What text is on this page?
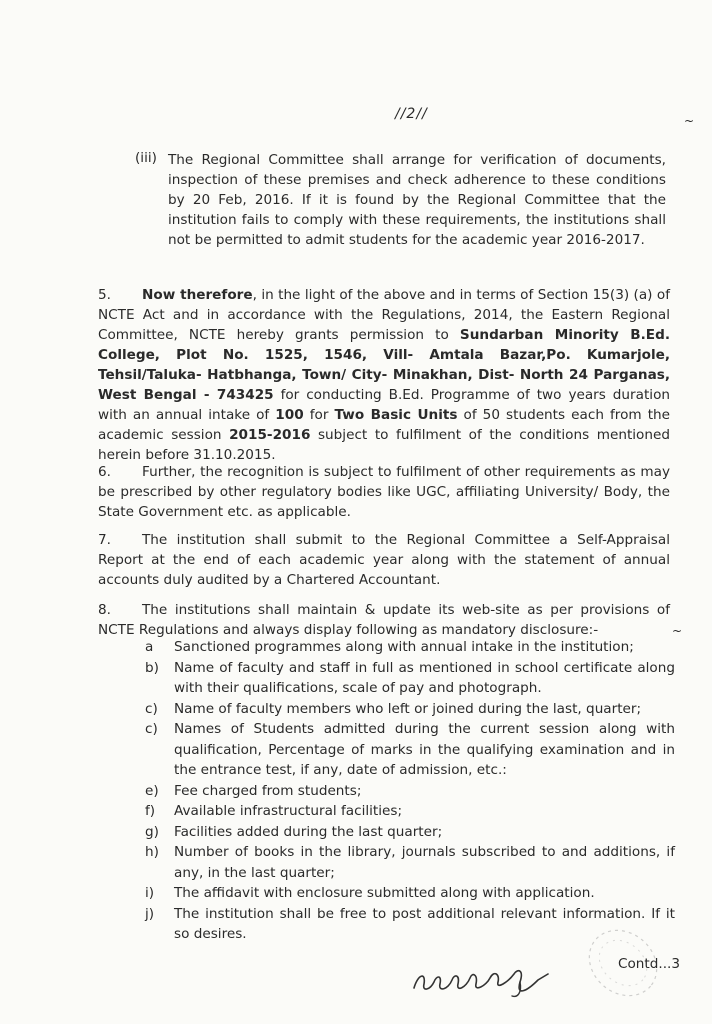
//2//	~
(iii) The Regional Committee shall arrange for verification of documents, inspection of these premises and check adherence to these conditions by 20 Feb, 2016. If it is found by the Regional Committee that the institution fails to comply with these requirements, the institutions shall not be permitted to admit students for the academic year 2016-2017.
5. Now therefore, in the light of the above and in terms of Section 15(3) (a) of NCTE Act and in accordance with the Regulations, 2014, the Eastern Regional Committee, NCTE hereby grants permission to Sundarban Minority B.Ed. College, Plot No. 1525, 1546, Vill- Amtala Bazar,Po. Kumarjole, Tehsil/Taluka- Hatbhanga, Town/ City- Minakhan, Dist- North 24 Parganas, West Bengal - 743425 for conducting B.Ed. Programme of two years duration with an annual intake of 100 for Two Basic Units of 50 students each from the academic session 2015-2016 subject to fulfilment of the conditions mentioned herein before 31.10.2015.
6. Further, the recognition is subject to fulfilment of other requirements as may be prescribed by other regulatory bodies like UGC, affiliating University/ Body, the State Government etc. as applicable.
7. The institution shall submit to the Regional Committee a Self-Appraisal Report at the end of each academic year along with the statement of annual accounts duly audited by a Chartered Accountant.
8. The institutions shall maintain & update its web-site as per provisions of NCTE Regulations and always display following as mandatory disclosure:-	~
a	Sanctioned programmes along with annual intake in the institution;
b)	Name of faculty and staff in full as mentioned in school certificate along with their qualifications, scale of pay and photograph.
c)	Name of faculty members who left or joined during the last, quarter;
c)	Names of Students admitted during the current session along with qualification, Percentage of marks in the qualifying examination and in the entrance test, if any, date of admission, etc.:
e)	Fee charged from students;
f)	Available infrastructural facilities;
g)	Facilities added during the last quarter;
h)	Number of books in the library, journals subscribed to and additions, if any, in the last quarter;
i)	The affidavit with enclosure submitted along with application.
j)	The institution shall be free to post additional relevant information. If it so desires.
Contd...3
